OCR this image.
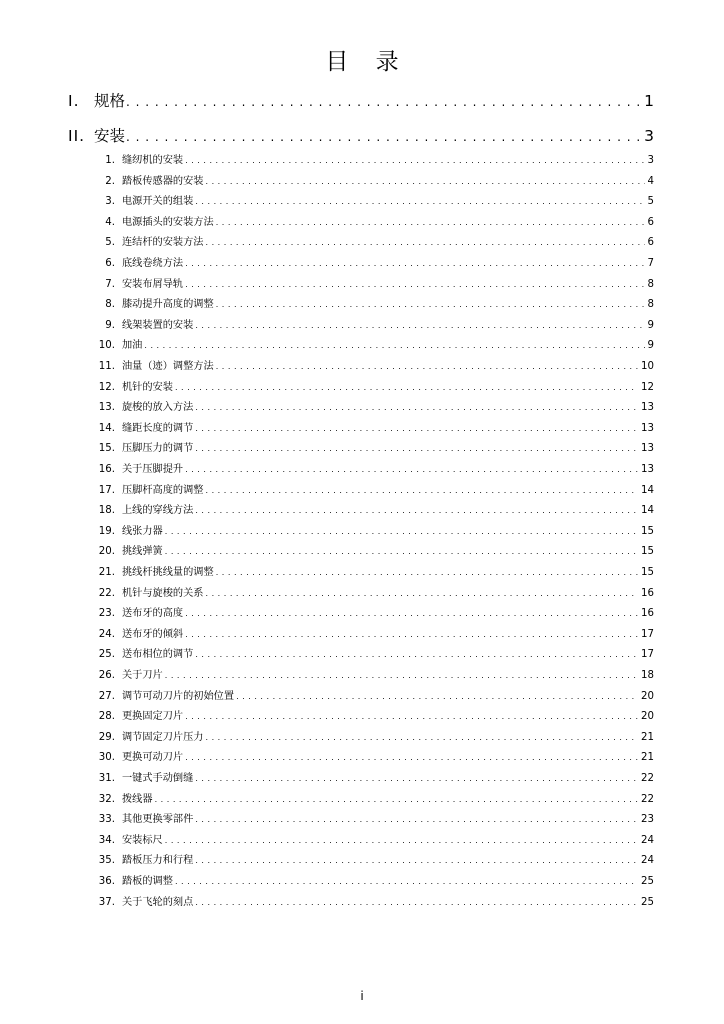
目 录
I. 规格 . . .	1
II. 安装 . . .	3
1. 缝纫机的安装 . . .	3
2. 踏板传感器的安装 . . .	4
3. 电源开关的组装 . . .	5
4. 电源插头的安装方法 . . .	6
5. 连结杆的安装方法 . . .	6
6. 底线卷绕方法 . . .	7
7. 安装布屑导轨 . . .	8
8. 膝动提升高度的调整 . . .	8
9. 线架装置的安装 . . .	9
10. 加油 . . .	9
11. 油量（迹）调整方法 . . .	10
12. 机针的安装 . . .	12
13. 旋梭的放入方法 . . .	13
14. 缝距长度的调节 . . .	13
15. 压脚压力的调节 . . .	13
16. 关于压脚提升 . . .	13
17. 压脚杆高度的调整 . . .	14
18. 上线的穿线方法 . . .	14
19. 线张力器 . . .	15
20. 挑线弹簧 . . .	15
21. 挑线杆挑线量的调整 . . .	15
22. 机针与旋梭的关系 . . .	16
23. 送布牙的高度 . . .	16
24. 送布牙的倾斜 . . .	17
25. 送布相位的调节 . . .	17
26. 关于刀片 . . .	18
27. 调节可动刀片的初始位置 . . .	20
28. 更换固定刀片 . . .	20
29. 调节固定刀片压力 . . .	21
30. 更换可动刀片 . . .	21
31. 一键式手动倒缝 . . .	22
32. 拨线器 . . .	22
33. 其他更换零部件 . . .	23
34. 安装标尺 . . .	24
35. 踏板压力和行程 . . .	24
36. 踏板的调整 . . .	25
37. 关于飞轮的刻点 . . .	25
i
